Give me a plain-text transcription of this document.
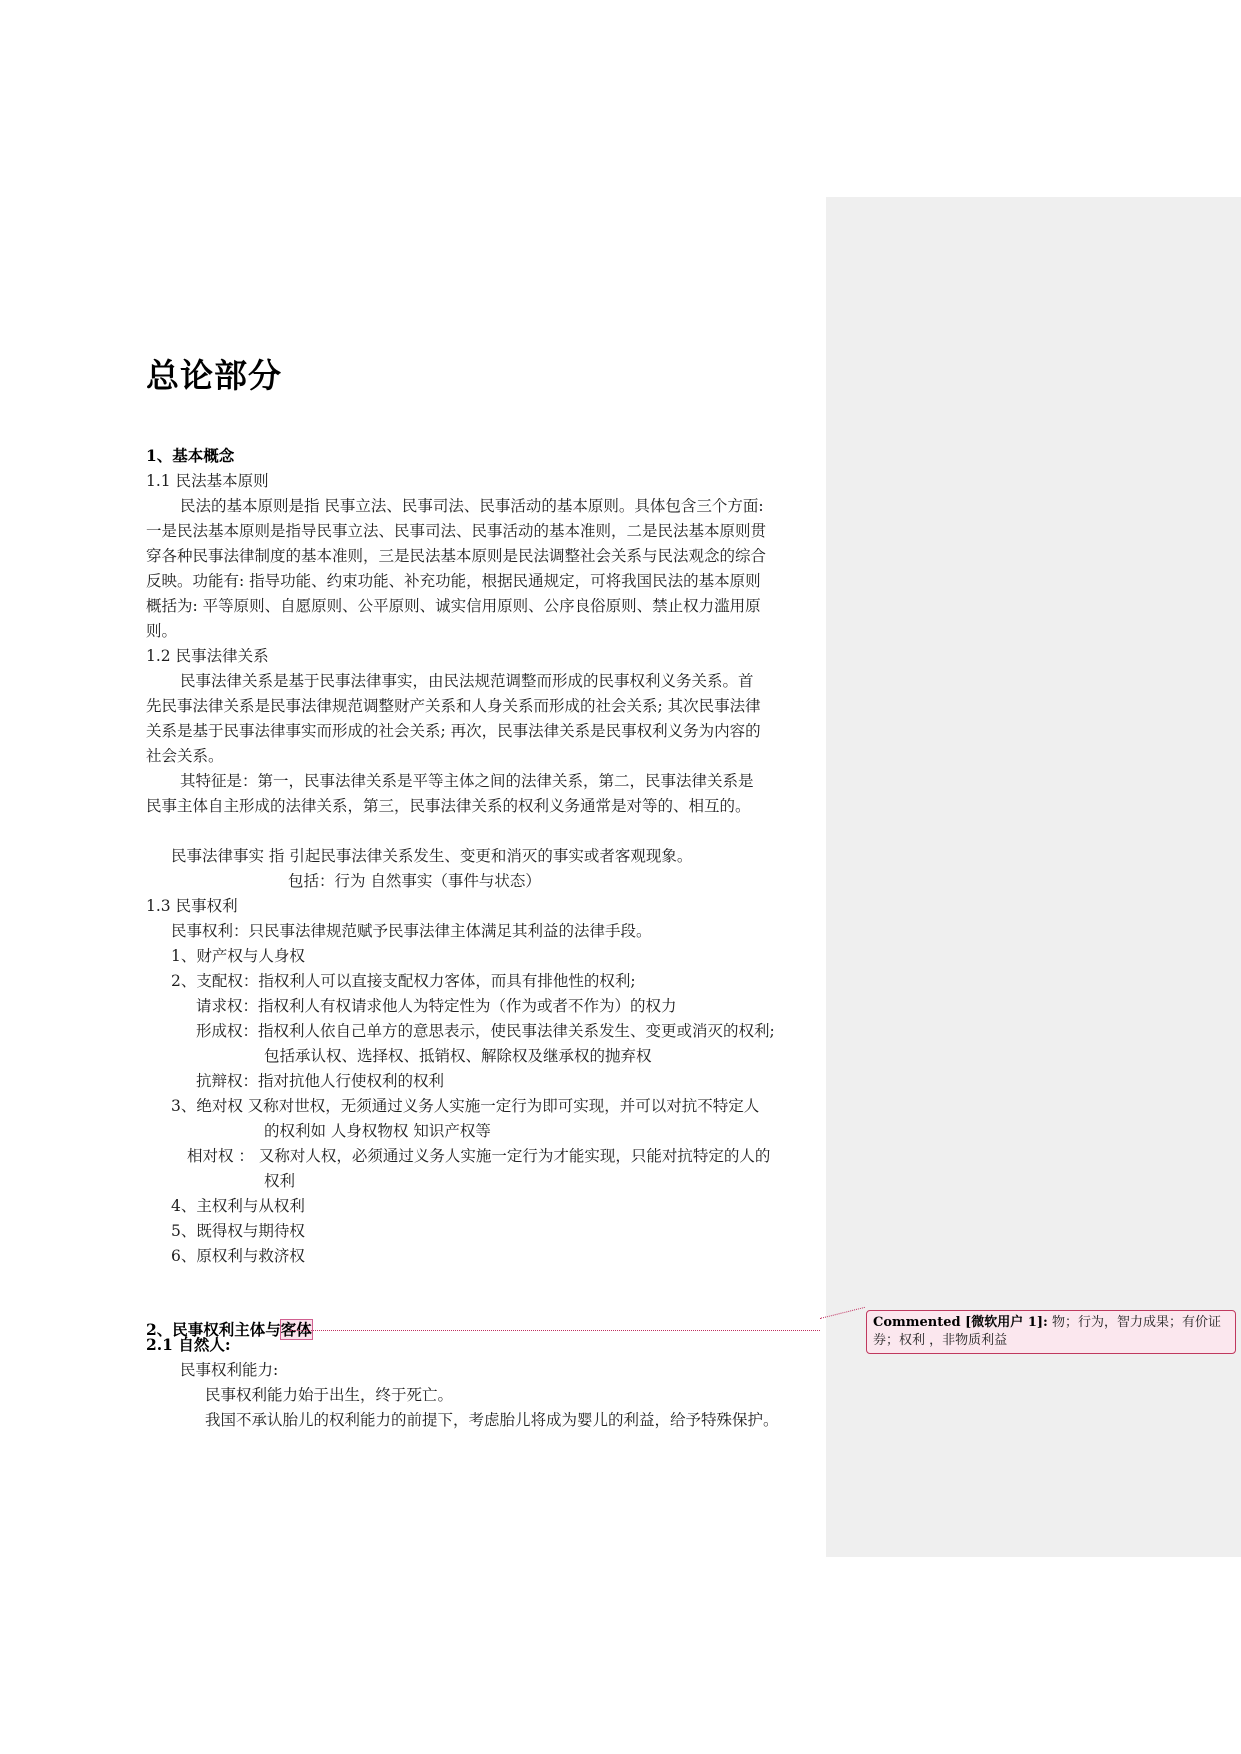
总论部分
1、基本概念
1.1 民法基本原则
民法的基本原则是指 民事立法、民事司法、民事活动的基本原则。具体包含三个方面:
一是民法基本原则是指导民事立法、民事司法、民事活动的基本准则，二是民法基本原则贯
穿各种民事法律制度的基本准则，三是民法基本原则是民法调整社会关系与民法观念的综合
反映。功能有: 指导功能、约束功能、补充功能，根据民通规定，可将我国民法的基本原则
概括为: 平等原则、自愿原则、公平原则、诚实信用原则、公序良俗原则、禁止权力滥用原
则。
1.2 民事法律关系
民事法律关系是基于民事法律事实，由民法规范调整而形成的民事权利义务关系。首
先民事法律关系是民事法律规范调整财产关系和人身关系而形成的社会关系; 其次民事法律
关系是基于民事法律事实而形成的社会关系; 再次，民事法律关系是民事权利义务为内容的
社会关系。
其特征是：第一，民事法律关系是平等主体之间的法律关系，第二，民事法律关系是
民事主体自主形成的法律关系，第三，民事法律关系的权利义务通常是对等的、相互的。
民事法律事实 指 引起民事法律关系发生、变更和消灭的事实或者客观现象。
包括：行为 自然事实（事件与状态）
1.3 民事权利
民事权利：只民事法律规范赋予民事法律主体满足其利益的法律手段。
1、财产权与人身权
2、支配权：指权利人可以直接支配权力客体，而具有排他性的权利;
请求权：指权利人有权请求他人为特定性为（作为或者不作为）的权力
形成权：指权利人依自己单方的意思表示，使民事法律关系发生、变更或消灭的权利;
包括承认权、选择权、抵销权、解除权及继承权的抛弃权
抗辩权：指对抗他人行使权利的权利
3、绝对权 又称对世权，无须通过义务人实施一定行为即可实现，并可以对抗不特定人
的权利如 人身权物权 知识产权等
相对权 ： 又称对人权，必须通过义务人实施一定行为才能实现，只能对抗特定的人的
权利
4、主权利与从权利
5、既得权与期待权
6、原权利与救济权
2.1 自然人:
民事权利能力:
民事权利能力始于出生，终于死亡。
我国不承认胎儿的权利能力的前提下，考虑胎儿将成为婴儿的利益，给予特殊保护。
2、民事权利主体与客体	Commented [微软用户 1]: 物；行为，智力成果；有价证券；权利 ，非物质利益
